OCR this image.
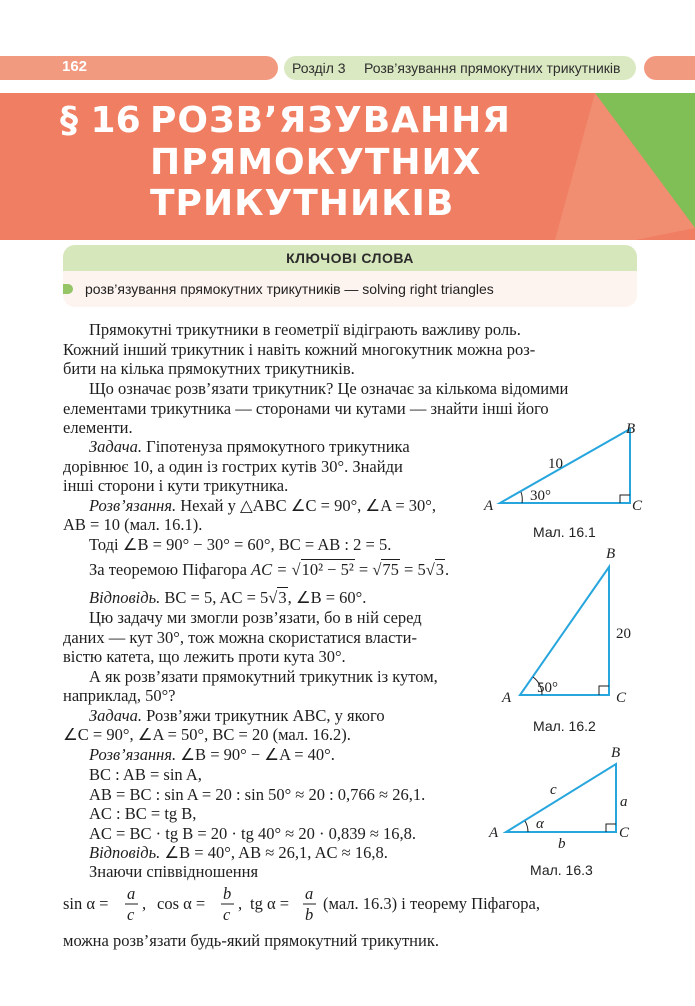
162	Розділ 3 Розв’язування прямокутних трикутників
§ 16 РОЗВ’ЯЗУВАННЯ
ПРЯМОКУТНИХ
ТРИКУТНИКІВ
КЛЮЧОВІ СЛОВА
розв’язування прямокутних трикутників — solving right triangles
Прямокутні трикутники в геометрії відіграють важливу роль.
Кожний інший трикутник і навіть кожний многокутник можна роз-
бити на кілька прямокутних трикутників.
Що означає розв’язати трикутник? Це означає за кількома відомими
елементами трикутника — сторонами чи кутами — знайти інші його
елементи.
Задача. Гіпотенуза прямокутного трикутника
дорівнює 10, а один із гострих кутів 30°. Знайди
інші сторони і кути трикутника.
Розв’язання. Нехай у △ABC ∠C = 90°, ∠A = 30°,
AB = 10 (мал. 16.1).
Тоді ∠B = 90° − 30° = 60°, BC = AB : 2 = 5.
За теоремою Піфагора AC = √10² − 5² = √75 = 5√3.
Відповідь. BC = 5, AC = 5√3, ∠B = 60°.
Цю задачу ми змогли розв’язати, бо в ній серед
даних — кут 30°, тож можна скористатися власти-
вістю катета, що лежить проти кута 30°.
А як розв’язати прямокутний трикутник із кутом,
наприклад, 50°?
Задача. Розв’яжи трикутник ABC, у якого
∠C = 90°, ∠A = 50°, BC = 20 (мал. 16.2).
Розв’язання. ∠B = 90° − ∠A = 40°.
BC : AB = sin A,
AB = BC : sin A = 20 : sin 50° ≈ 20 : 0,766 ≈ 26,1.
AC : BC = tg B,
AC = BC · tg B = 20 · tg 40° ≈ 20 · 0,839 ≈ 16,8.
Відповідь. ∠B = 40°, AB ≈ 26,1, AC ≈ 16,8.
Знаючи співвідношення
sin α =
a
c
, cos α =
b
c
, tg α =
a
b
(мал. 16.3) і теорему Піфагора,
можна розв’язати будь-який прямокутний трикутник.
A
B
C
10
30°
Мал. 16.1
A
B
C
20
50°
Мал. 16.2
A
B
C
a
b
c
α
Мал. 16.3
